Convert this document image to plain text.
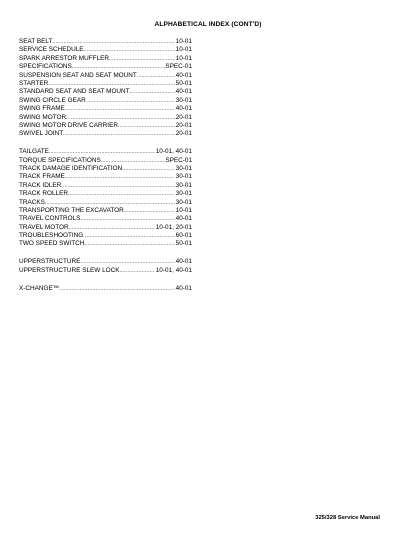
ALPHABETICAL INDEX (CONT'D)
SEAT BELT .....	10-01
SERVICE SCHEDULE .....	10-01
SPARK ARRESTOR MUFFLER .....	10-01
SPECIFICATIONS .....	SPEC-01
SUSPENSION SEAT AND SEAT MOUNT .....	40-01
STARTER .....	50-01
STANDARD SEAT AND SEAT MOUNT .....	40-01
SWING CIRCLE GEAR .....	30-01
SWING FRAME .....	40-01
SWING MOTOR .....	20-01
SWING MOTOR DRIVE CARRIER .....	20-01
SWIVEL JOINT .....	20-01
TAILGATE .....	10-01, 40-01
TORQUE SPECIFICATIONS .....	SPEC-01
TRACK DAMAGE IDENTIFICATION .....	30-01
TRACK FRAME .....	30-01
TRACK IDLER .....	30-01
TRACK ROLLER .....	30-01
TRACKS .....	30-01
TRANSPORTING THE EXCAVATOR .....	10-01
TRAVEL CONTROLS .....	40-01
TRAVEL MOTOR .....	10-01, 20-01
TROUBLESHOOTING .....	60-01
TWO SPEED SWITCH .....	50-01
UPPERSTRUCTURE .....	40-01
UPPERSTRUCTURE SLEW LOCK .....	10-01, 40-01
X-CHANGE™ .....	40-01
325/328 Service Manual
